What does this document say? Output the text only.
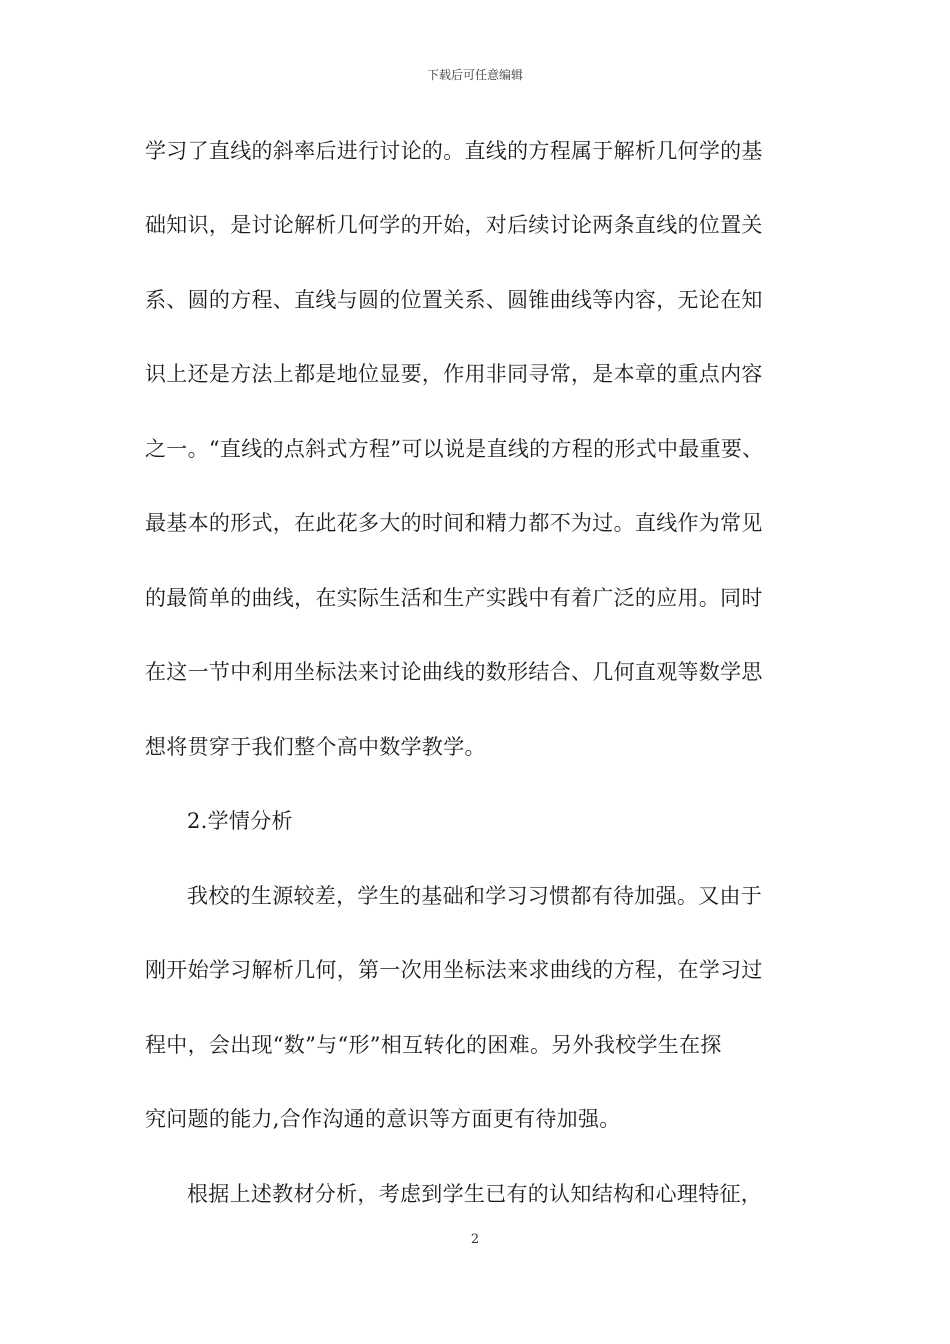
下载后可任意编辑
学习了直线的斜率后进行讨论的。直线的方程属于解析几何学的基
础知识，是讨论解析几何学的开始，对后续讨论两条直线的位置关
系、圆的方程、直线与圆的位置关系、圆锥曲线等内容，无论在知
识上还是方法上都是地位显要，作用非同寻常，是本章的重点内容
之一。“直线的点斜式方程”可以说是直线的方程的形式中最重要、
最基本的形式，在此花多大的时间和精力都不为过。直线作为常见
的最简单的曲线，在实际生活和生产实践中有着广泛的应用。同时
在这一节中利用坐标法来讨论曲线的数形结合、几何直观等数学思
想将贯穿于我们整个高中数学教学。
2.学情分析
我校的生源较差，学生的基础和学习习惯都有待加强。又由于
刚开始学习解析几何，第一次用坐标法来求曲线的方程，在学习过
程中，会出现“数”与“形”相互转化的困难。另外我校学生在探
究问题的能力,合作沟通的意识等方面更有待加强。
根据上述教材分析，考虑到学生已有的认知结构和心理特征，
2
